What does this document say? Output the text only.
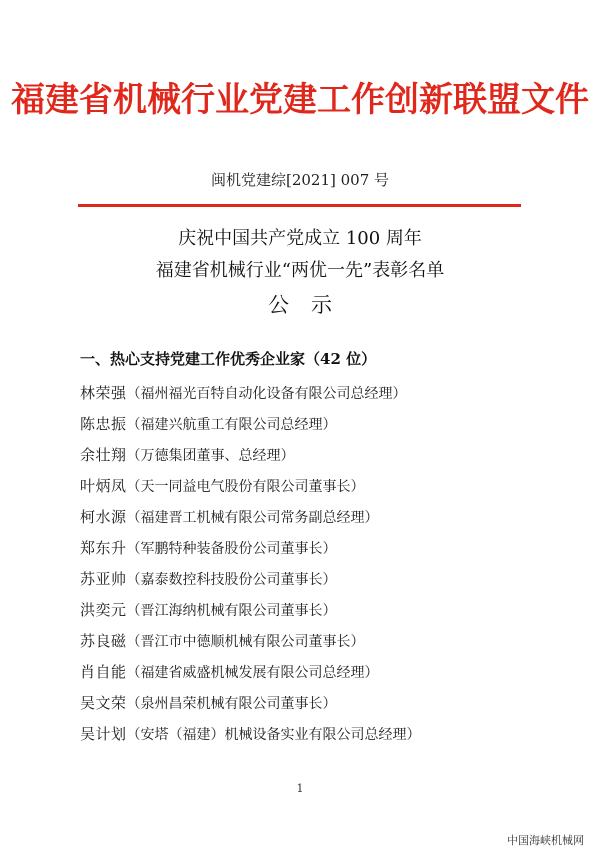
福建省机械行业党建工作创新联盟文件
闽机党建综[2021] 007 号
庆祝中国共产党成立 100 周年
福建省机械行业“两优一先”表彰名单
公示
一、热心支持党建工作优秀企业家（42 位）
林荣强（福州福光百特自动化设备有限公司总经理）
陈忠振（福建兴航重工有限公司总经理）
余壮翔（万德集团董事、总经理）
叶炳凤（天一同益电气股份有限公司董事长）
柯水源（福建晋工机械有限公司常务副总经理）
郑东升（军鹏特种装备股份公司董事长）
苏亚帅（嘉泰数控科技股份公司董事长）
洪奕元（晋江海纳机械有限公司董事长）
苏良磁（晋江市中德顺机械有限公司董事长）
肖自能（福建省威盛机械发展有限公司总经理）
吴文荣（泉州昌荣机械有限公司董事长）
吴计划（安塔（福建）机械设备实业有限公司总经理）
1
中国海峡机械网
